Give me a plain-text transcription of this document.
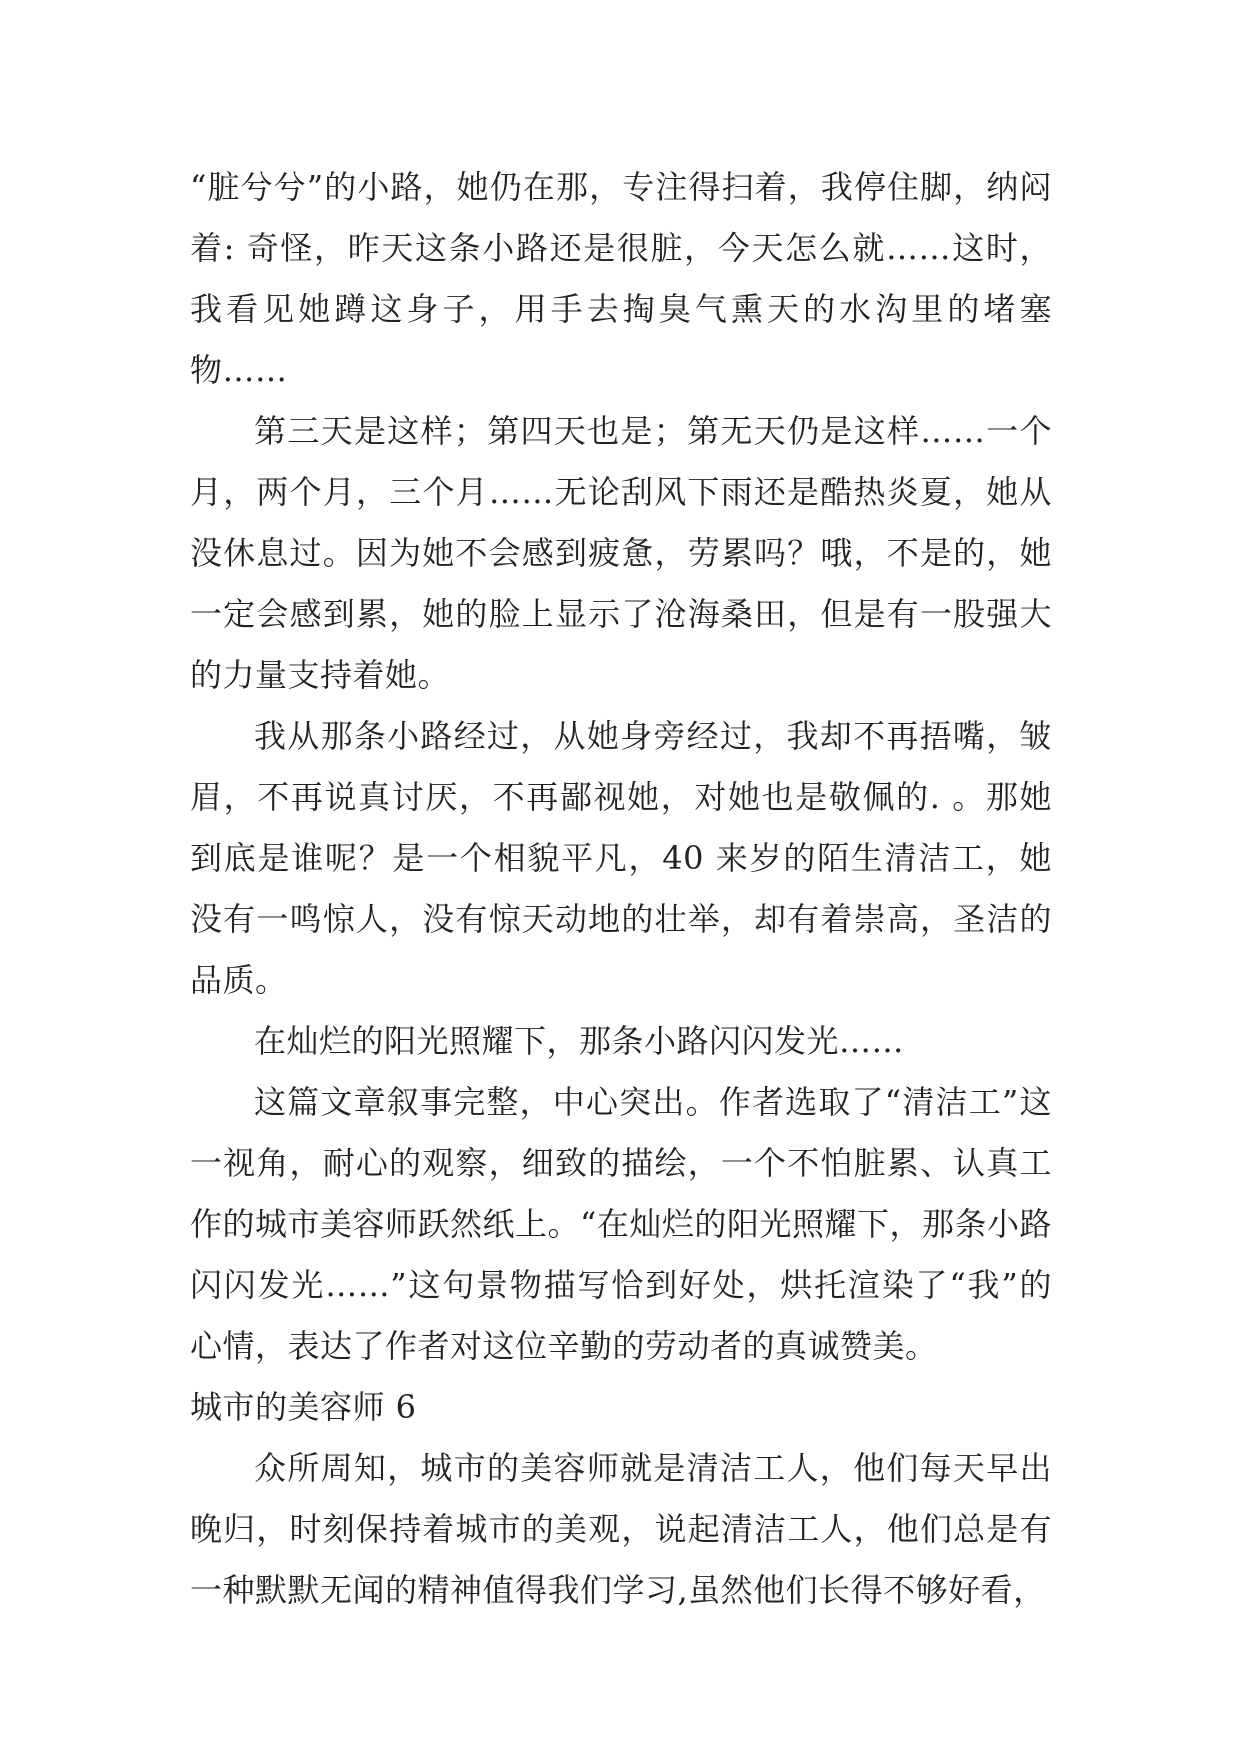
“脏兮兮”的小路，她仍在那，专注得扫着，我停住脚，纳闷着: 奇怪，昨天这条小路还是很脏，今天怎么就……这时，我看见她蹲这身子，用手去掏臭气熏天的水沟里的堵塞物……

第三天是这样；第四天也是；第无天仍是这样……一个月，两个月，三个月……无论刮风下雨还是酷热炎夏，她从没休息过。因为她不会感到疲惫，劳累吗？哦，不是的，她一定会感到累，她的脸上显示了沧海桑田，但是有一股强大的力量支持着她。

我从那条小路经过，从她身旁经过，我却不再捂嘴，皱眉，不再说真讨厌，不再鄙视她，对她也是敬佩的. 。那她到底是谁呢？是一个相貌平凡，40 来岁的陌生清洁工，她没有一鸣惊人，没有惊天动地的壮举，却有着崇高，圣洁的品质。

在灿烂的阳光照耀下，那条小路闪闪发光……

这篇文章叙事完整，中心突出。作者选取了“清洁工”这一视角，耐心的观察，细致的描绘，一个不怕脏累、认真工作的城市美容师跃然纸上。“在灿烂的阳光照耀下，那条小路闪闪发光……”这句景物描写恰到好处，烘托渲染了“我”的心情，表达了作者对这位辛勤的劳动者的真诚赞美。

城市的美容师 6

众所周知，城市的美容师就是清洁工人，他们每天早出晚归，时刻保持着城市的美观，说起清洁工人，他们总是有一种默默无闻的精神值得我们学习,虽然他们长得不够好看，
